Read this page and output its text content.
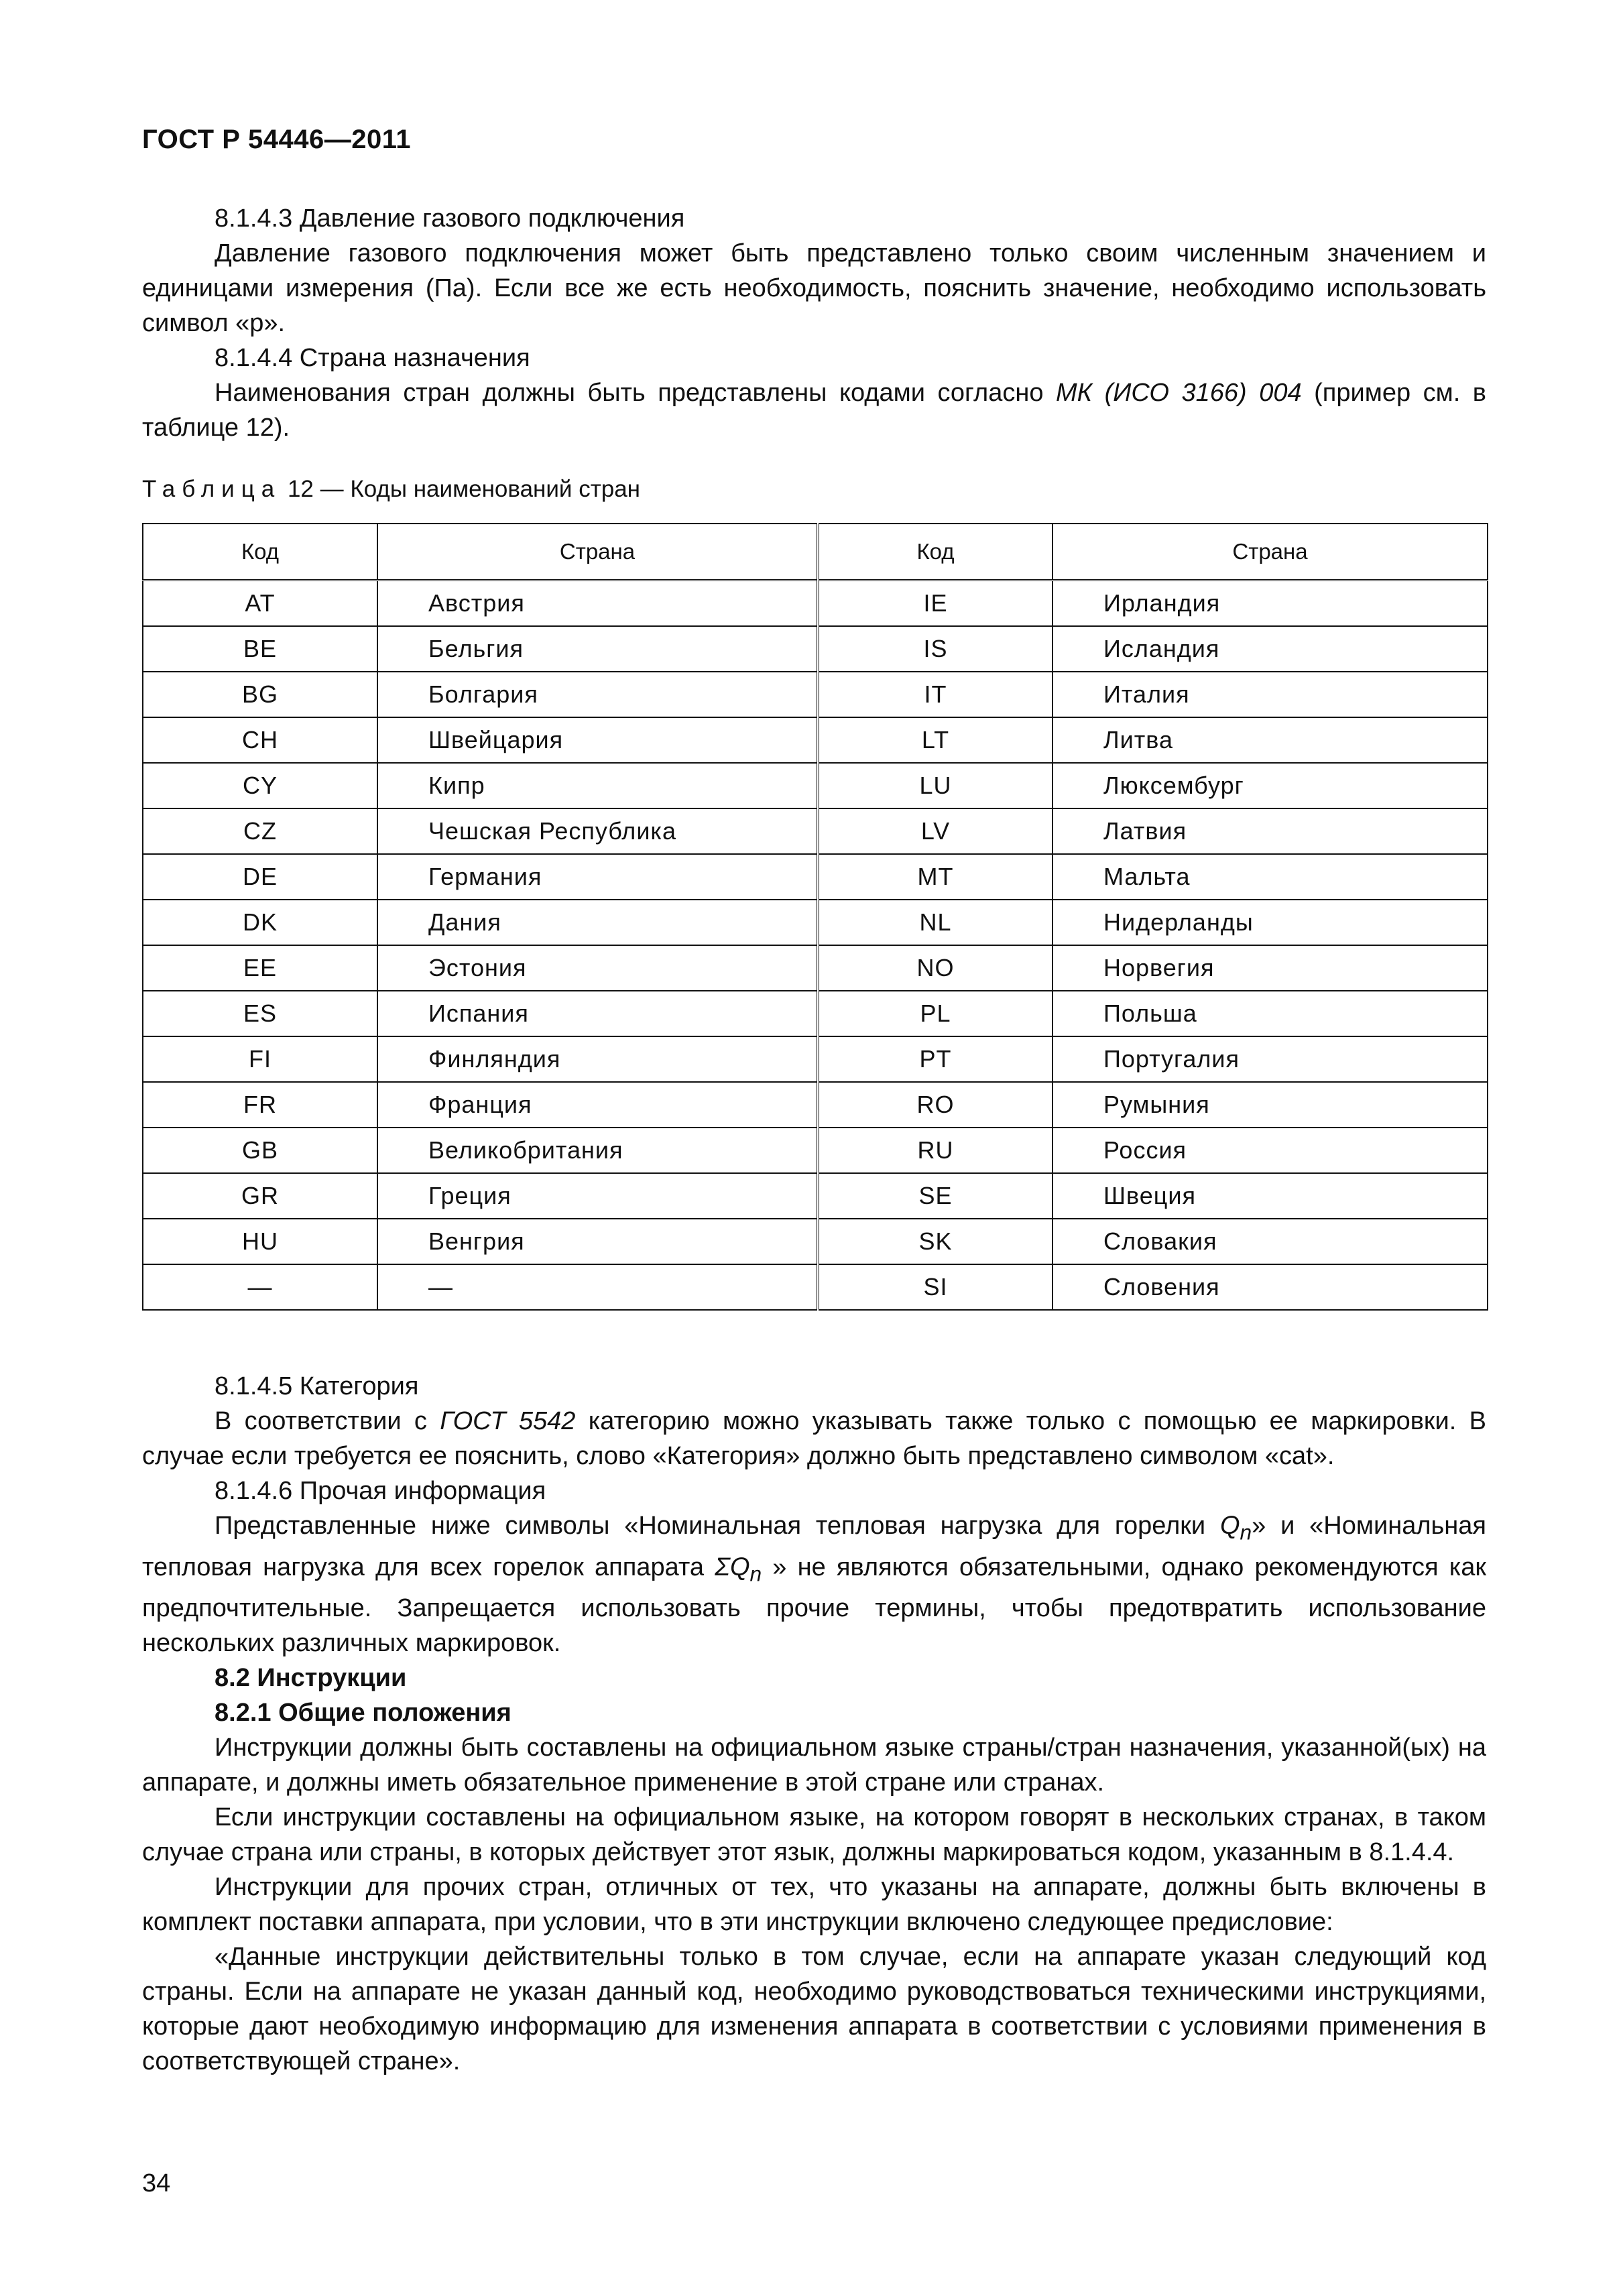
ГОСТ Р 54446—2011

8.1.4.3 Давление газового подключения

Давление газового подключения может быть представлено только своим численным значением и единицами измерения (Па). Если все же есть необходимость, пояснить значение, необходимо использовать символ «p».

8.1.4.4 Страна назначения

Наименования стран должны быть представлены кодами согласно МК (ИСО 3166) 004 (пример см. в таблице 12).

Таблица 12 — Коды наименований стран
Код	Страна	Код	Страна
AT	Австрия	IE	Ирландия
BE	Бельгия	IS	Исландия
BG	Болгария	IT	Италия
CH	Швейцария	LT	Литва
CY	Кипр	LU	Люксембург
CZ	Чешская Республика	LV	Латвия
DE	Германия	MT	Мальта
DK	Дания	NL	Нидерланды
EE	Эстония	NO	Норвегия
ES	Испания	PL	Польша
FI	Финляндия	PT	Португалия
FR	Франция	RO	Румыния
GB	Великобритания	RU	Россия
GR	Греция	SE	Швеция
HU	Венгрия	SK	Словакия
—	—	SI	Словения

8.1.4.5 Категория

В соответствии с ГОСТ 5542 категорию можно указывать также только с помощью ее маркировки. В случае если требуется ее пояснить, слово «Категория» должно быть представлено символом «cat».

8.1.4.6 Прочая информация

Представленные ниже символы «Номинальная тепловая нагрузка для горелки $Q_n$» и «Номинальная тепловая нагрузка для всех горелок аппарата $\Sigma Q_n$ » не являются обязательными, однако рекомендуются как предпочтительные. Запрещается использовать прочие термины, чтобы предотвратить использование нескольких различных маркировок.

8.2 Инструкции

8.2.1 Общие положения

Инструкции должны быть составлены на официальном языке страны/стран назначения, указанной(ых) на аппарате, и должны иметь обязательное применение в этой стране или странах.

Если инструкции составлены на официальном языке, на котором говорят в нескольких странах, в таком случае страна или страны, в которых действует этот язык, должны маркироваться кодом, указанным в 8.1.4.4.

Инструкции для прочих стран, отличных от тех, что указаны на аппарате, должны быть включены в комплект поставки аппарата, при условии, что в эти инструкции включено следующее предисловие:

«Данные инструкции действительны только в том случае, если на аппарате указан следующий код страны. Если на аппарате не указан данный код, необходимо руководствоваться техническими инструкциями, которые дают необходимую информацию для изменения аппарата в соответствии с условиями применения в соответствующей стране».

34
